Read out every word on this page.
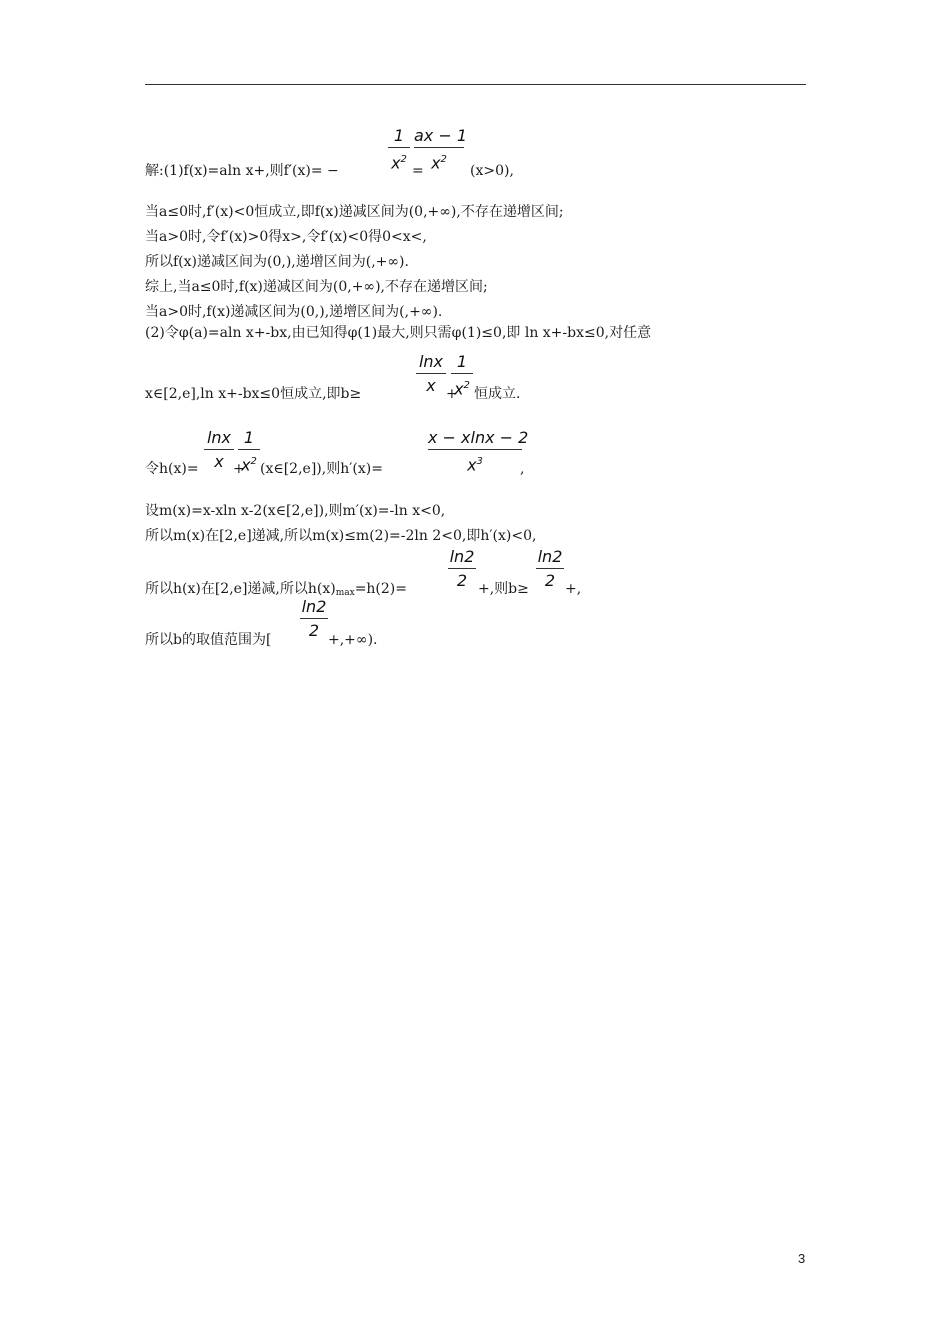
解:(1)f(x)=aln x+,则f′(x)= −
1
$x^2$
=
ax − 1
$x^2$
(x>0),
当a≤0时,f′(x)<0恒成立,即f(x)递减区间为(0,+∞),不存在递增区间;
当a>0时,令f′(x)>0得x>,令f′(x)<0得0<x<,
所以f(x)递减区间为(0,),递增区间为(,+∞).
综上,当a≤0时,f(x)递减区间为(0,+∞),不存在递增区间;
当a>0时,f(x)递减区间为(0,),递增区间为(,+∞).
(2)令φ(a)=aln x+-bx,由已知得φ(1)最大,则只需φ(1)≤0,即 ln x+-bx≤0,对任意
x∈[2,e],ln x+-bx≤0恒成立,即b≥
lnx
x +
1
$x^2$
恒成立.
令h(x)=
lnx
x +
1
$x^2$ (x∈[2,e]),则h′(x)=
x − xlnx − 2
$x^3$	,
设m(x)=x-xln x-2(x∈[2,e]),则m′(x)=-ln x<0,
所以m(x)在[2,e]递减,所以m(x)≤m(2)=-2ln 2<0,即h′(x)<0,
所以h(x)在[2,e]递减,所以$h(x)_{max}=h(2)=$
ln2
2 +,则b≥
ln2
2 +,
所以b的取值范围为[
ln2
2 +,+∞).
3
